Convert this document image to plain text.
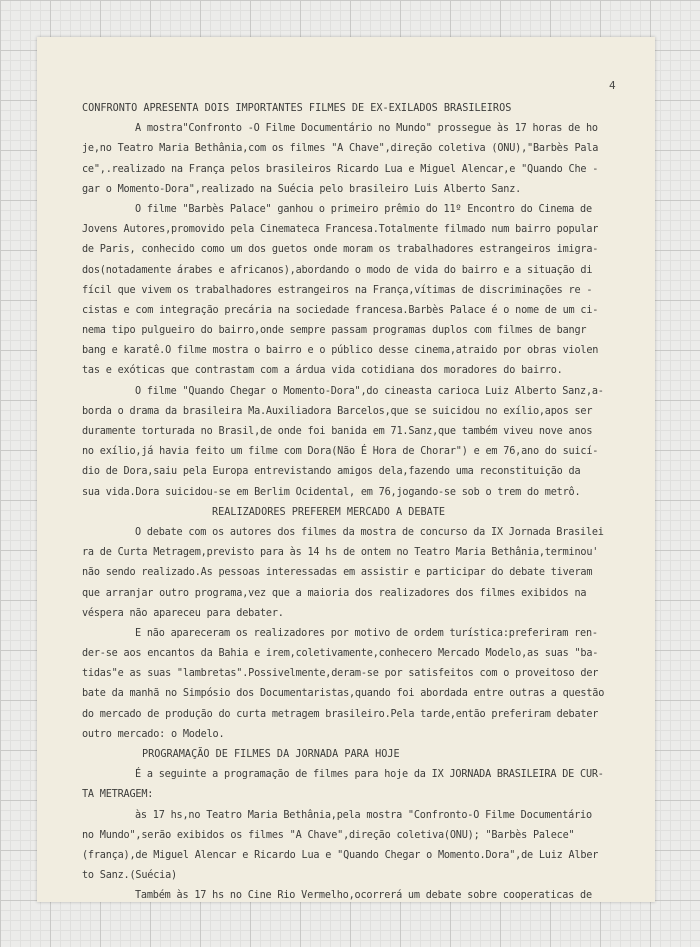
4
CONFRONTO APRESENTA DOIS IMPORTANTES FILMES DE EX-EXILADOS BRASILEIROS
A mostra"Confronto -O Filme Documentário no Mundo" prossegue às 17 horas de ho
je,no Teatro Maria Bethânia,com os filmes "A Chave",direção coletiva (ONU),"Barbès Pala
ce",.realizado na França pelos brasileiros Ricardo Lua e Miguel Alencar,e "Quando Che -
gar o Momento-Dora",realizado na Suécia pelo brasileiro Luis Alberto Sanz.
O filme "Barbès Palace" ganhou o primeiro prêmio do 11º Encontro do Cinema de
Jovens Autores,promovido pela Cinemateca Francesa.Totalmente filmado num bairro popular
de Paris, conhecido como um dos guetos onde moram os trabalhadores estrangeiros imigra-
dos(notadamente árabes e africanos),abordando o modo de vida do bairro e a situação di
fícil que vivem os trabalhadores estrangeiros na França,vítimas de discriminações re -
cistas e com integração precária na sociedade francesa.Barbès Palace é o nome de um ci-
nema tipo pulgueiro do bairro,onde sempre passam programas duplos com filmes de bangr
bang e karatê.O filme mostra o bairro e o público desse cinema,atraido por obras violen
tas e exóticas que contrastam com a árdua vida cotidiana dos moradores do bairro.
O filme "Quando Chegar o Momento-Dora",do cineasta carioca Luiz Alberto Sanz,a-
borda o drama da brasileira Ma.Auxiliadora Barcelos,que se suicidou no exílio,apos ser
duramente torturada no Brasil,de onde foi banida em 71.Sanz,que também viveu nove anos
no exílio,já havia feito um filme com Dora(Não É Hora de Chorar") e em 76,ano do suicí-
dio de Dora,saiu pela Europa entrevistando amigos dela,fazendo uma reconstituição da
sua vida.Dora suicidou-se em Berlim Ocidental, em 76,jogando-se sob o trem do metrô.
REALIZADORES PREFEREM MERCADO A DEBATE
O debate com os autores dos filmes da mostra de concurso da IX Jornada Brasilei
ra de Curta Metragem,previsto para às 14 hs de ontem no Teatro Maria Bethânia,terminou'
não sendo realizado.As pessoas interessadas em assistir e participar do debate tiveram
que arranjar outro programa,vez que a maioria dos realizadores dos filmes exibidos na
véspera não apareceu para debater.
E não apareceram os realizadores por motivo de ordem turística:preferiram ren-
der-se aos encantos da Bahia e irem,coletivamente,conhecero Mercado Modelo,as suas "ba-
tidas"e as suas "lambretas".Possivelmente,deram-se por satisfeitos com o proveitoso der
bate da manhã no Simpósio dos Documentaristas,quando foi abordada entre outras a questão
do mercado de produção do curta metragem brasileiro.Pela tarde,então preferiram debater
outro mercado: o Modelo.
PROGRAMAÇÃO DE FILMES DA JORNADA PARA HOJE
É a seguinte a programação de filmes para hoje da IX JORNADA BRASILEIRA DE CUR-
TA METRAGEM:
às 17 hs,no Teatro Maria Bethânia,pela mostra "Confronto-O Filme Documentário
no Mundo",serão exibidos os filmes "A Chave",direção coletiva(ONU); "Barbès Palece"
(frança),de Miguel Alencar e Ricardo Lua e "Quando Chegar o Momento.Dora",de Luiz Alber
to Sanz.(Suécia)
Também às 17 hs no Cine Rio Vermelho,ocorrerá um debate sobre cooperaticas de
